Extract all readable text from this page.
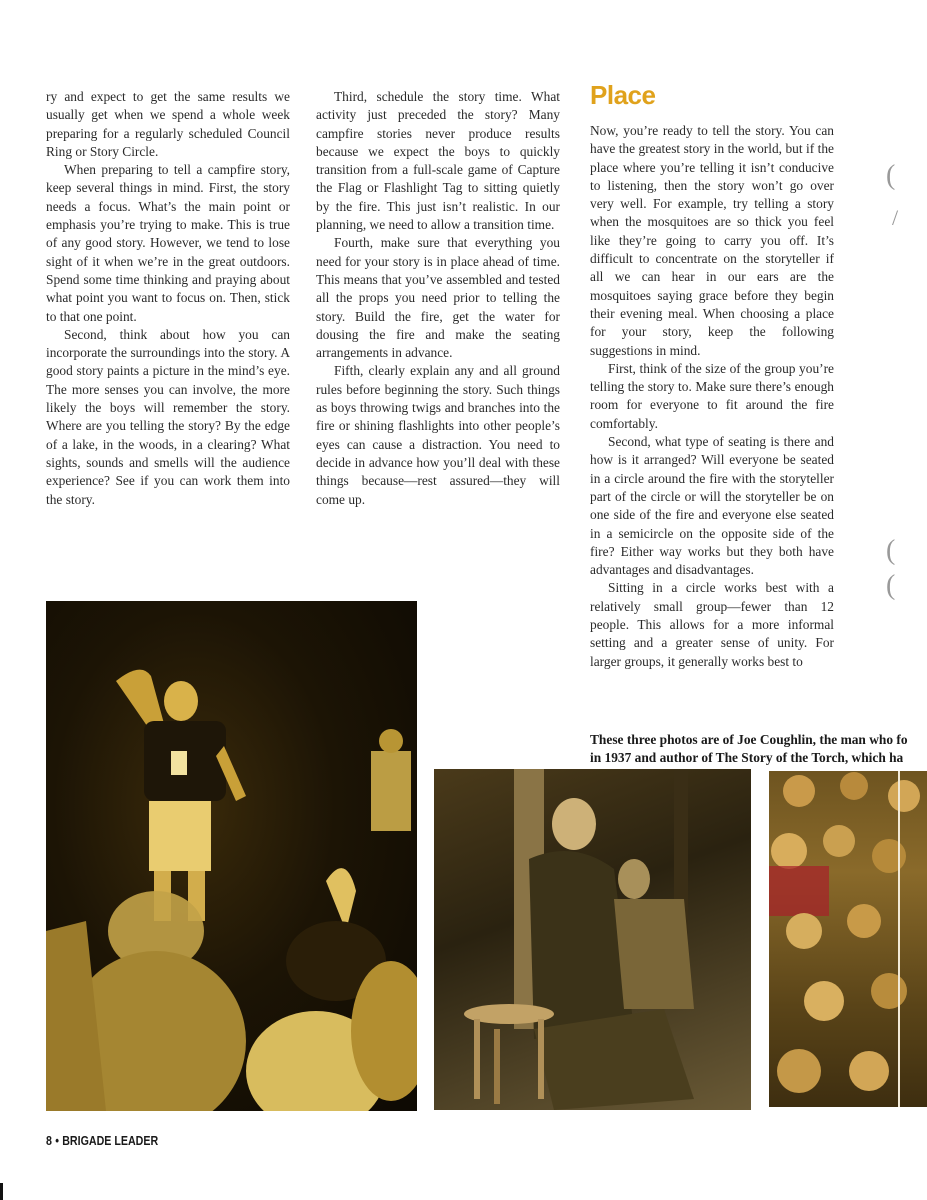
ry and expect to get the same results we usually get when we spend a whole week preparing for a regularly scheduled Council Ring or Story Circle.

When preparing to tell a campfire story, keep several things in mind. First, the story needs a focus. What’s the main point or emphasis you’re trying to make. This is true of any good story. However, we tend to lose sight of it when we’re in the great outdoors. Spend some time thinking and praying about what point you want to focus on. Then, stick to that one point.

Second, think about how you can incorporate the surroundings into the story. A good story paints a picture in the mind’s eye. The more senses you can involve, the more likely the boys will remember the story. Where are you telling the story? By the edge of a lake, in the woods, in a clearing? What sights, sounds and smells will the audience experience? See if you can work them into the story.

Third, schedule the story time. What activity just preceded the story? Many campfire stories never produce results because we expect the boys to quickly transition from a full-scale game of Capture the Flag or Flashlight Tag to sitting quietly by the fire. This just isn’t realistic. In our planning, we need to allow a transition time.

Fourth, make sure that everything you need for your story is in place ahead of time. This means that you’ve assembled and tested all the props you need prior to telling the story. Build the fire, get the water for dousing the fire and make the seating arrangements in advance.

Fifth, clearly explain any and all ground rules before beginning the story. Such things as boys throwing twigs and branches into the fire or shining flashlights into other people’s eyes can cause a distraction. You need to decide in advance how you’ll deal with these things because—rest assured—they will come up.

Place

Now, you’re ready to tell the story. You can have the greatest story in the world, but if the place where you’re telling it isn’t conducive to listening, then the story won’t go over very well. For example, try telling a story when the mosquitoes are so thick you feel like they’re going to carry you off. It’s difficult to concentrate on the storyteller if all we can hear in our ears are the mosquitoes saying grace before they begin their evening meal. When choosing a place for your story, keep the following suggestions in mind.

First, think of the size of the group you’re telling the story to. Make sure there’s enough room for everyone to fit around the fire comfortably.

Second, what type of seating is there and how is it arranged? Will everyone be seated in a circle around the fire with the storyteller part of the circle or will the storyteller be on one side of the fire and everyone else seated in a semicircle on the opposite side of the fire? Either way works but they both have advantages and disadvantages.

Sitting in a circle works best with a relatively small group—fewer than 12 people. This allows for a more informal setting and a greater sense of unity. For larger groups, it generally works best to

(
/
(
(
These three photos are of Joe Coughlin, the man who fo
in 1937 and author of The Story of the Torch, which ha
8 • BRIGADE LEADER
